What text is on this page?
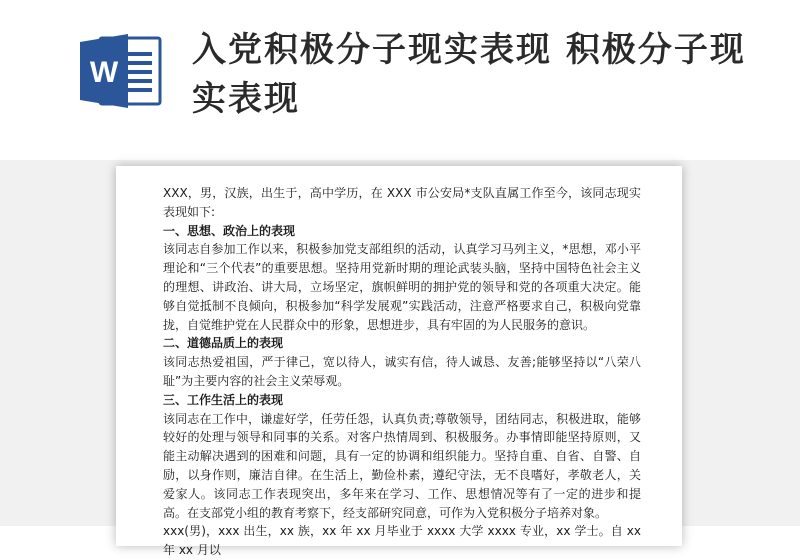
W
入党积极分子现实表现 积极分子现实表现

XXX，男，汉族，出生于，高中学历，在 XXX 市公安局*支队直属工作至今，该同志现实表现如下:

一、思想、政治上的表现

该同志自参加工作以来，积极参加党支部组织的活动，认真学习马列主义，*思想，邓小平理论和“三个代表”的重要思想。坚持用党新时期的理论武装头脑，坚持中国特色社会主义的理想、讲政治、讲大局，立场坚定，旗帜鲜明的拥护党的领导和党的各项重大决定。能够自觉抵制不良倾向，积极参加“科学发展观”实践活动，注意严格要求自己，积极向党靠拢，自觉维护党在人民群众中的形象，思想进步，具有牢固的为人民服务的意识。

二、道德品质上的表现

该同志热爱祖国，严于律己，宽以待人，诚实有信，待人诚恳、友善;能够坚持以“八荣八耻”为主要内容的社会主义荣辱观。

三、工作生活上的表现

该同志在工作中，谦虚好学，任劳任怨，认真负责;尊敬领导，团结同志，积极进取，能够较好的处理与领导和同事的关系。对客户热情周到、积极服务。办事情即能坚持原则，又能主动解决遇到的困难和问题，具有一定的协调和组织能力。坚持自重、自省、自警、自励，以身作则，廉洁自律。在生活上，勤俭朴素，遵纪守法，无不良嗜好，孝敬老人，关爱家人。该同志工作表现突出，多年来在学习、工作、思想情况等有了一定的进步和提高。在支部党小组的教育考察下，经支部研究同意，可作为入党积极分子培养对象。

xxx(男)，xxx 出生，xx 族，xx 年 xx 月毕业于 xxxx 大学 xxxx 专业，xx 学士。自 xx 年 xx 月以
